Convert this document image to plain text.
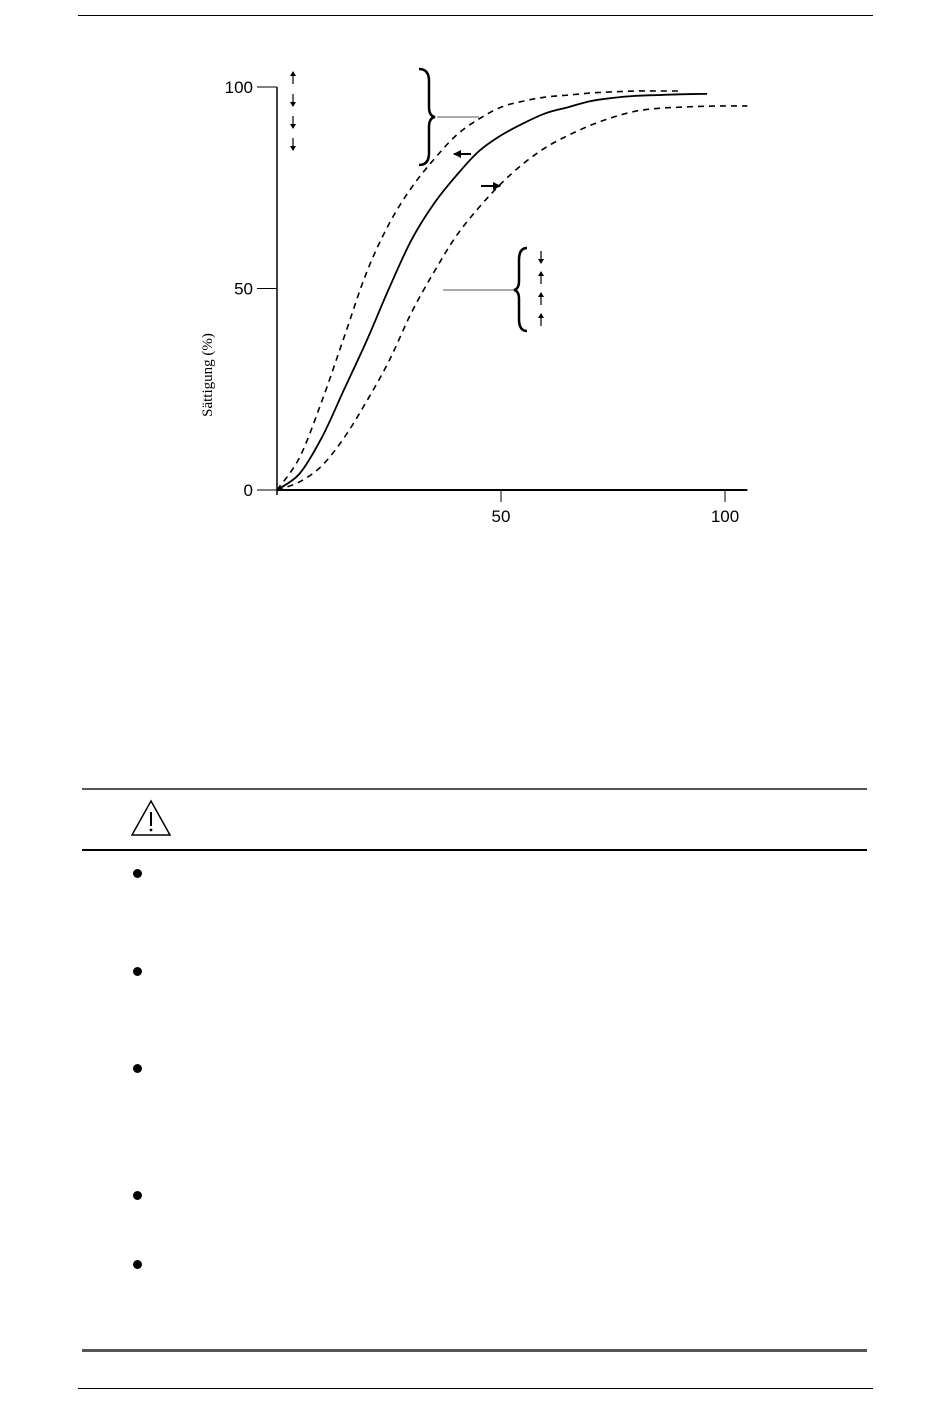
0
50
100
50	100
Sättigung (%)
